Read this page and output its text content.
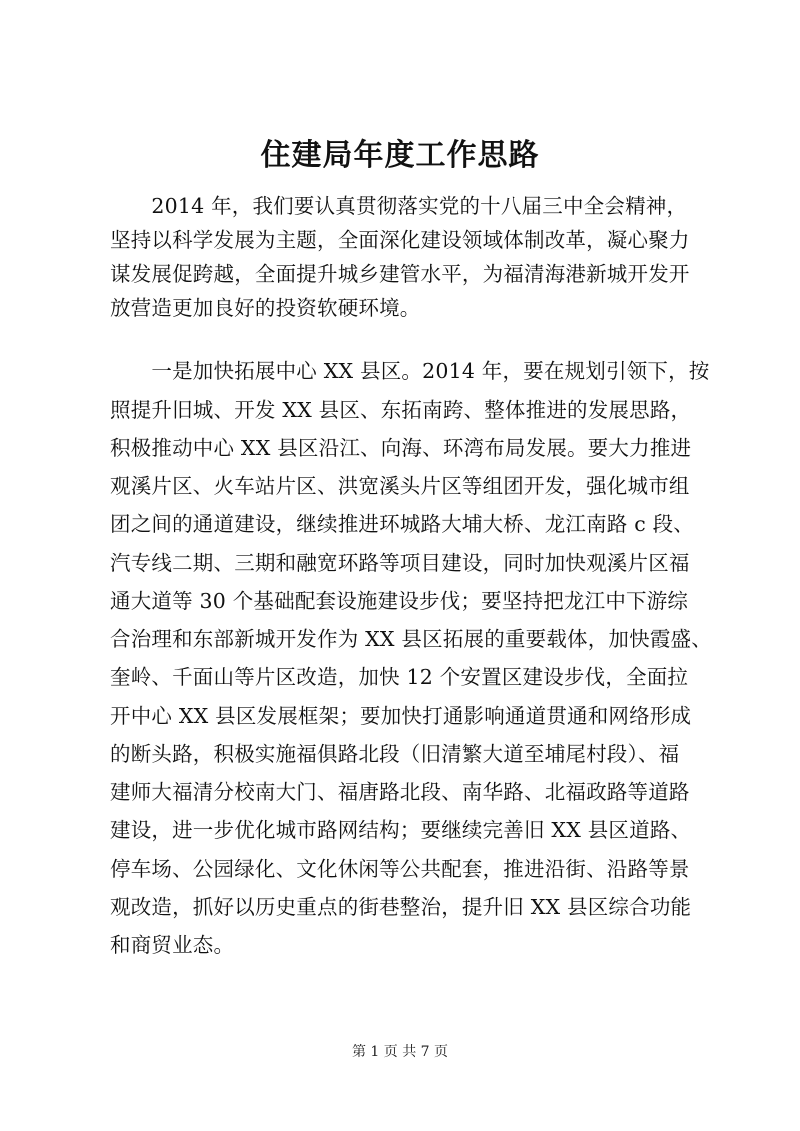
住建局年度工作思路
　　2014 年，我们要认真贯彻落实党的十八届三中全会精神，
坚持以科学发展为主题，全面深化建设领域体制改革，凝心聚力
谋发展促跨越，全面提升城乡建管水平，为福清海港新城开发开
放营造更加良好的投资软硬环境。
　　一是加快拓展中心 XX 县区。2014 年，要在规划引领下，按
照提升旧城、开发 XX 县区、东拓南跨、整体推进的发展思路，
积极推动中心 XX 县区沿江、向海、环湾布局发展。要大力推进
观溪片区、火车站片区、洪宽溪头片区等组团开发，强化城市组
团之间的通道建设，继续推进环城路大埔大桥、龙江南路 c 段、
汽专线二期、三期和融宽环路等项目建设，同时加快观溪片区福
通大道等 30 个基础配套设施建设步伐；要坚持把龙江中下游综
合治理和东部新城开发作为 XX 县区拓展的重要载体，加快霞盛、
奎岭、千面山等片区改造，加快 12 个安置区建设步伐，全面拉
开中心 XX 县区发展框架；要加快打通影响通道贯通和网络形成
的断头路，积极实施福俱路北段（旧清繁大道至埔尾村段）、福
建师大福清分校南大门、福唐路北段、南华路、北福政路等道路
建设，进一步优化城市路网结构；要继续完善旧 XX 县区道路、
停车场、公园绿化、文化休闲等公共配套，推进沿街、沿路等景
观改造，抓好以历史重点的街巷整治，提升旧 XX 县区综合功能
和商贸业态。
第 1 页 共 7 页
